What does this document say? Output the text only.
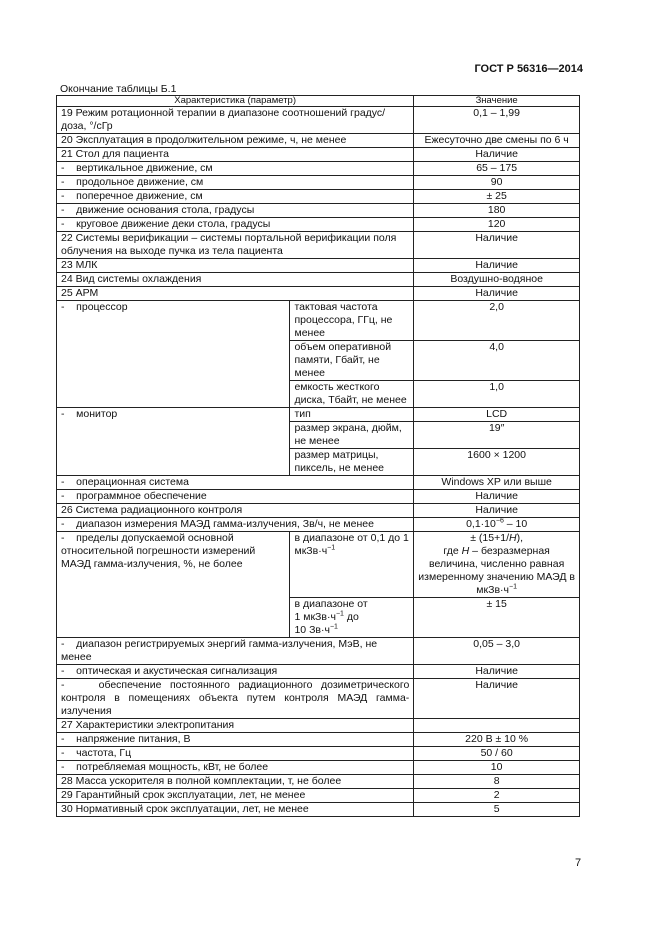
ГОСТ Р 56316—2014
Окончание таблицы Б.1
Характеристика (параметр)		Значение
19 Режим ротационной терапии в диапазоне соотношений градус/доза, °/сГр		0,1 – 1,99
20 Эксплуатация в продолжительном режиме, ч, не менее		Ежесуточно две смены по 6 ч
21 Стол для пациента		Наличие
- вертикальное движение, см		65 – 175
- продольное движение, см		90
- поперечное движение, см		± 25
- движение основания стола, градусы		180
- круговое движение деки стола, градусы		120
22 Системы верификации – системы портальной верификации поля облучения на выходе пучка из тела пациента		Наличие
23 МЛК		Наличие
24 Вид системы охлаждения		Воздушно-водяное
25 АРМ		Наличие
- процессор	тактовая частота процессора, ГГц, не менее	2,0
	объем оперативной памяти, Гбайт, не менее	4,0
	емкость жесткого диска, Тбайт, не менее	1,0
- монитор	тип	LCD
	размер экрана, дюйм, не менее	19″
	размер матрицы, пиксель, не менее	1600 × 1200
- операционная система		Windows XP или выше
- программное обеспечение		Наличие
26 Система радиационного контроля		Наличие
- диапазон измерения МАЭД гамма-излучения, Зв/ч, не менее		$0,1\cdot 10^{-6} - 10$
- пределы допускаемой основной относительной погрешности измерений МАЭД гамма-излучения, %, не более	в диапазоне от 0,1 до 1 $мкЗв\cdot ч^{-1}$	± (15+1/H),
где H – безразмерная величина, численно равная измеренному значению МАЭД в $мкЗв\cdot ч^{-1}$
	в диапазоне от
1 $мкЗв\cdot ч^{-1}$ до
10 $Зв\cdot ч^{-1}$	± 15
- диапазон регистрируемых энергий гамма-излучения, МэВ, не менее		0,05 – 3,0
- оптическая и акустическая сигнализация		Наличие
- обеспечение постоянного радиационного дозиметрического контроля в помещениях объекта путем контроля МАЭД гамма-излучения		Наличие
27 Характеристики электропитания		
- напряжение питания, В		220 В ± 10 %
- частота, Гц		50 / 60
- потребляемая мощность, кВт, не более		10
28 Масса ускорителя в полной комплектации, т, не более		8
29 Гарантийный срок эксплуатации, лет, не менее		2
30 Нормативный срок эксплуатации, лет, не менее		5
7
